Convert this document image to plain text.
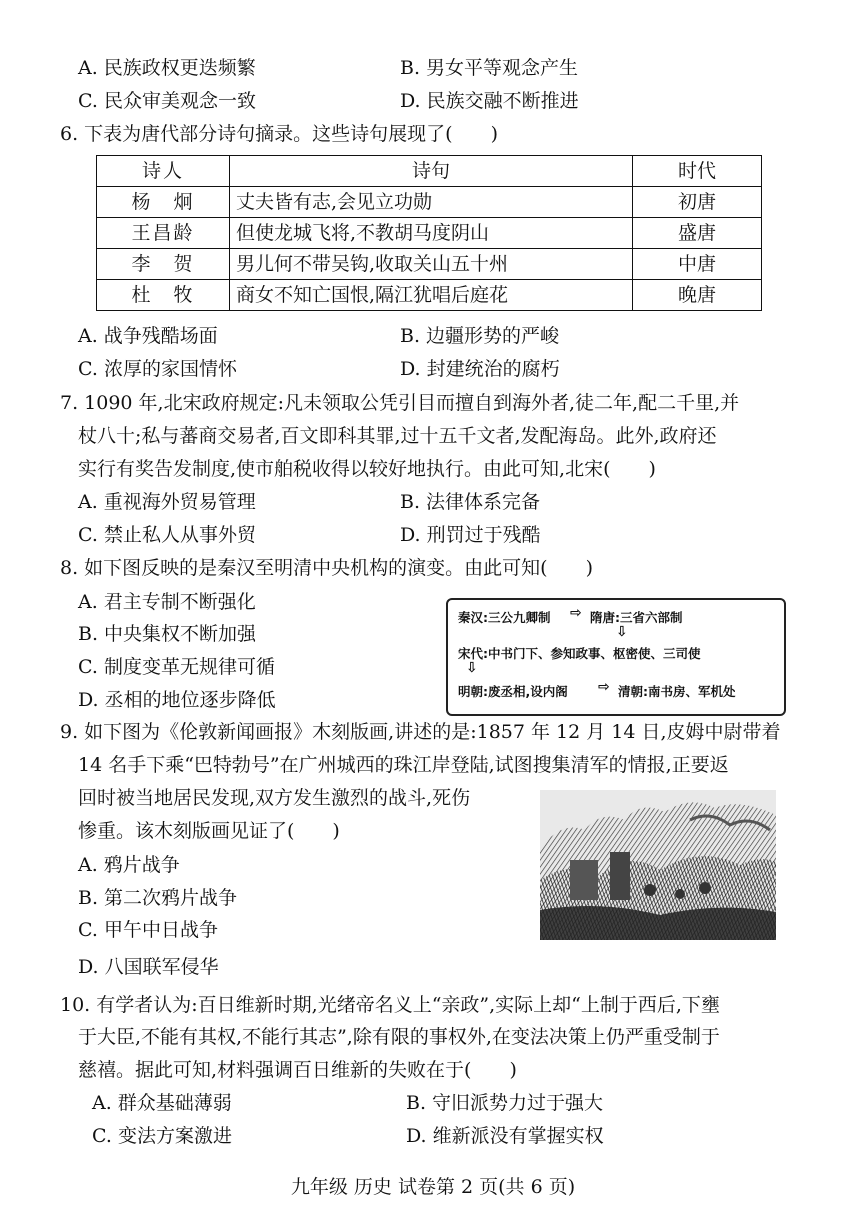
A. 民族政权更迭频繁	B. 男女平等观念产生
C. 民众审美观念一致	D. 民族交融不断推进
6. 下表为唐代部分诗句摘录。这些诗句展现了(　　)
诗人	诗句	时代
杨　炯	丈夫皆有志,会见立功勋	初唐
王昌龄	但使龙城飞将,不教胡马度阴山	盛唐
李　贺	男儿何不带吴钩,收取关山五十州	中唐
杜　牧	商女不知亡国恨,隔江犹唱后庭花	晚唐
A. 战争残酷场面	B. 边疆形势的严峻
C. 浓厚的家国情怀	D. 封建统治的腐朽
7. 1090 年,北宋政府规定:凡未领取公凭引目而擅自到海外者,徒二年,配二千里,并
杖八十;私与蕃商交易者,百文即科其罪,过十五千文者,发配海岛。此外,政府还
实行有奖告发制度,使市舶税收得以较好地执行。由此可知,北宋(　　)
A. 重视海外贸易管理	B. 法律体系完备
C. 禁止私人从事外贸	D. 刑罚过于残酷
8. 如下图反映的是秦汉至明清中央机构的演变。由此可知(　　)
A. 君主专制不断强化
B. 中央集权不断加强
C. 制度变革无规律可循
D. 丞相的地位逐步降低
秦汉:三公九卿制 ⇨ 隋唐:三省六部制
⇩
宋代:中书门下、参知政事、枢密使、三司使
⇩
明朝:废丞相,设内阁 ⇨ 清朝:南书房、军机处
9. 如下图为《伦敦新闻画报》木刻版画,讲述的是:1857 年 12 月 14 日,皮姆中尉带着
14 名手下乘“巴特勃号”在广州城西的珠江岸登陆,试图搜集清军的情报,正要返
回时被当地居民发现,双方发生激烈的战斗,死伤
惨重。该木刻版画见证了(　　)
A. 鸦片战争
B. 第二次鸦片战争
C. 甲午中日战争
D. 八国联军侵华
10. 有学者认为:百日维新时期,光绪帝名义上“亲政”,实际上却“上制于西后,下壅
于大臣,不能有其权,不能行其志”,除有限的事权外,在变法决策上仍严重受制于
慈禧。据此可知,材料强调百日维新的失败在于(　　)
A. 群众基础薄弱	B. 守旧派势力过于强大
C. 变法方案激进	D. 维新派没有掌握实权
九年级 历史 试卷第 2 页(共 6 页)
